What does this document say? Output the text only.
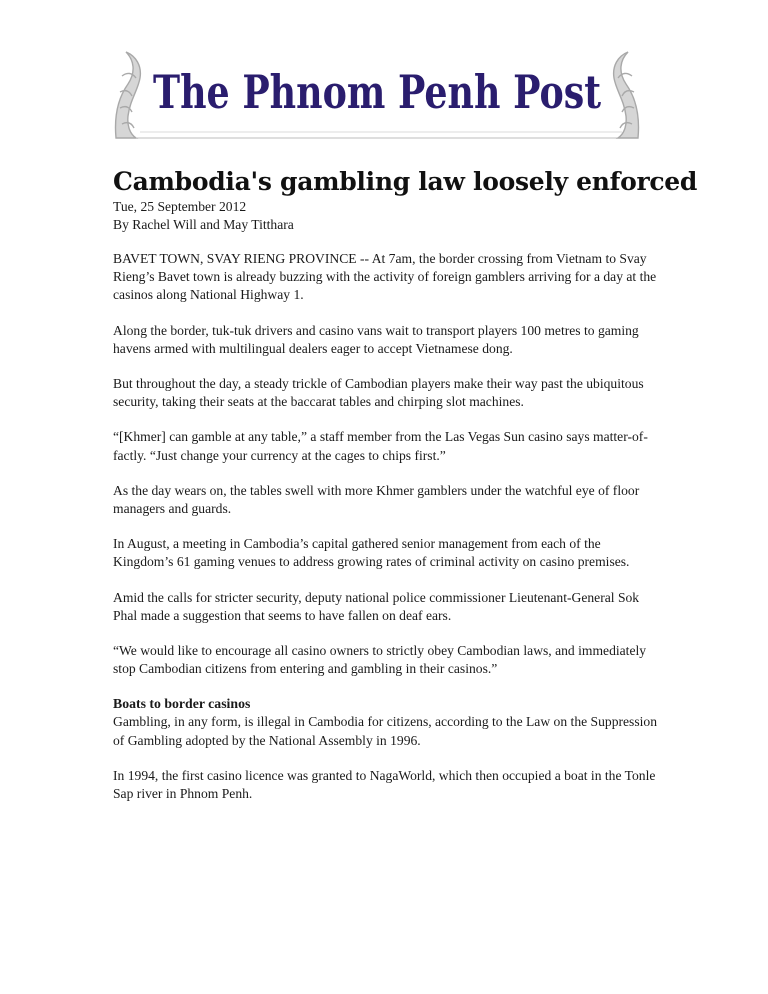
The Phnom Penh Post
Cambodia's gambling law loosely enforced

Tue, 25 September 2012

By Rachel Will and May Titthara

BAVET TOWN, SVAY RIENG PROVINCE -- At 7am, the border crossing from Vietnam to Svay Rieng’s Bavet town is already buzzing with the activity of foreign gamblers arriving for a day at the casinos along National Highway 1.

Along the border, tuk-tuk drivers and casino vans wait to transport players 100 metres to gaming havens armed with multilingual dealers eager to accept Vietnamese dong.

But throughout the day, a steady trickle of Cambodian players make their way past the ubiquitous security, taking their seats at the baccarat tables and chirping slot machines.

“[Khmer] can gamble at any table,” a staff member from the Las Vegas Sun casino says matter-of-factly. “Just change your currency at the cages to chips first.”

As the day wears on, the tables swell with more Khmer gamblers under the watchful eye of floor managers and guards.

In August, a meeting in Cambodia’s capital gathered senior management from each of the Kingdom’s 61 gaming venues to address growing rates of criminal activity on casino premises.

Amid the calls for stricter security, deputy national police commissioner Lieutenant-General Sok Phal made a suggestion that seems to have fallen on deaf ears.

“We would like to encourage all casino owners to strictly obey Cambodian laws, and immediately stop Cambodian citizens from entering and gambling in their casinos.”

Boats to border casinos

Gambling, in any form, is illegal in Cambodia for citizens, according to the Law on the Suppression of Gambling adopted by the National Assembly in 1996.

In 1994, the first casino licence was granted to NagaWorld, which then occupied a boat in the Tonle Sap river in Phnom Penh.
